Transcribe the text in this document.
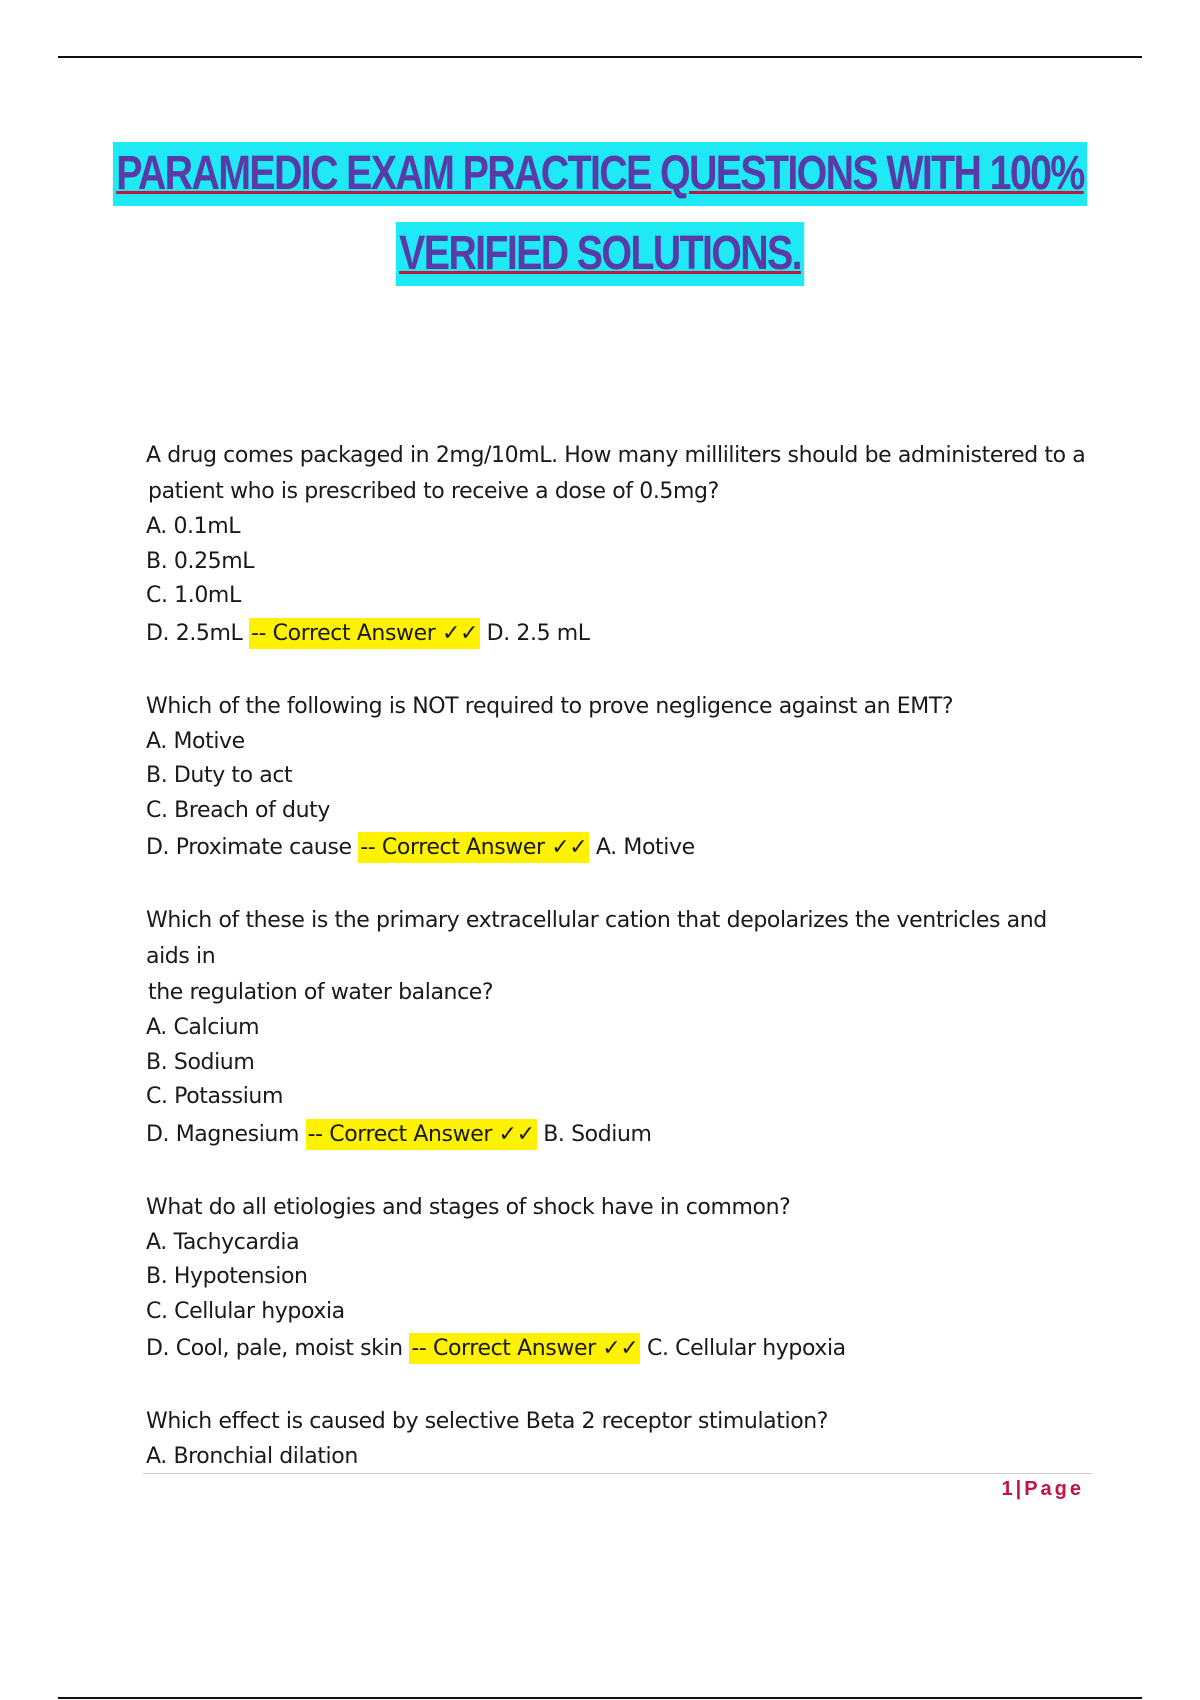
PARAMEDIC EXAM PRACTICE QUESTIONS WITH 100%
VERIFIED SOLUTIONS.
A drug comes packaged in 2mg/10mL. How many milliliters should be administered to a
patient who is prescribed to receive a dose of 0.5mg?
A. 0.1mL
B. 0.25mL
C. 1.0mL
D. 2.5mL -- Correct Answer ✓✓ D. 2.5 mL
Which of the following is NOT required to prove negligence against an EMT?
A. Motive
B. Duty to act
C. Breach of duty
D. Proximate cause -- Correct Answer ✓✓ A. Motive
Which of these is the primary extracellular cation that depolarizes the ventricles and aids in
the regulation of water balance?
A. Calcium
B. Sodium
C. Potassium
D. Magnesium -- Correct Answer ✓✓ B. Sodium
What do all etiologies and stages of shock have in common?
A. Tachycardia
B. Hypotension
C. Cellular hypoxia
D. Cool, pale, moist skin -- Correct Answer ✓✓ C. Cellular hypoxia
Which effect is caused by selective Beta 2 receptor stimulation?
A. Bronchial dilation
1|Page
